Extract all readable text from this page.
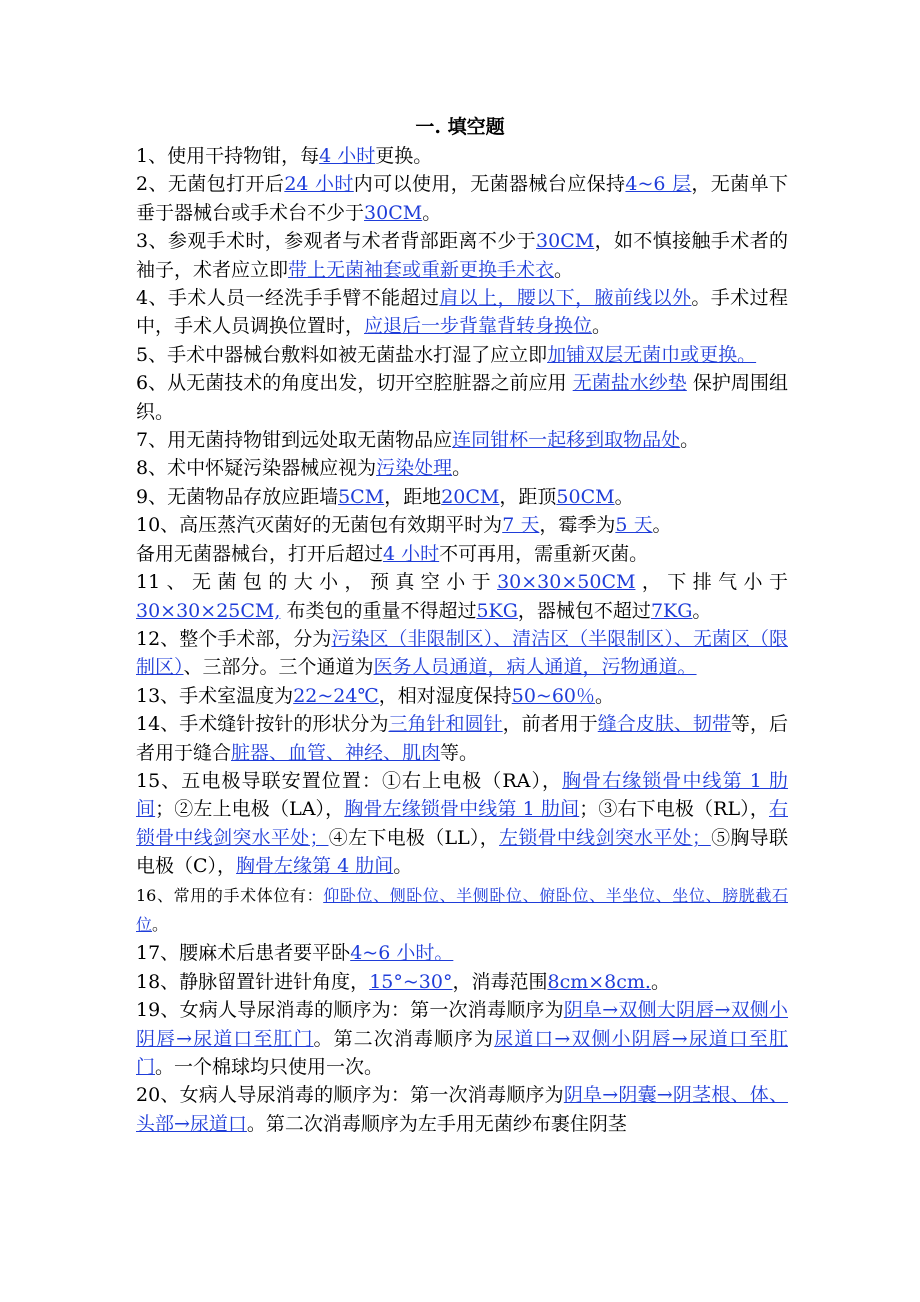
一. 填空题

1、使用干持物钳，每4 小时更换。

2、无菌包打开后24 小时内可以使用，无菌器械台应保持4~6 层，无菌单下垂于器械台或手术台不少于30CM。

3、参观手术时，参观者与术者背部距离不少于30CM，如不慎接触手术者的袖子，术者应立即带上无菌袖套或重新更换手术衣。

4、手术人员一经洗手手臂不能超过肩以上，腰以下，腋前线以外。手术过程中，手术人员调换位置时，应退后一步背靠背转身换位。

5、手术中器械台敷料如被无菌盐水打湿了应立即加铺双层无菌巾或更换。

6、从无菌技术的角度出发，切开空腔脏器之前应用 无菌盐水纱垫 保护周围组织。

7、用无菌持物钳到远处取无菌物品应连同钳杯一起移到取物品处。

8、术中怀疑污染器械应视为污染处理。

9、无菌物品存放应距墙5CM，距地20CM，距顶50CM。

10、高压蒸汽灭菌好的无菌包有效期平时为7 天，霉季为5 天。

备用无菌器械台，打开后超过4 小时不可再用，需重新灭菌。

11、无菌包的大小，预真空小于30×30×50CM，下排气小于30×30×25CM, 布类包的重量不得超过5KG，器械包不超过7KG。

12、整个手术部，分为污染区（非限制区）、清洁区（半限制区）、无菌区（限制区）、三部分。三个通道为医务人员通道，病人通道，污物通道。

13、手术室温度为22~24℃，相对湿度保持50~60％。

14、手术缝针按针的形状分为三角针和圆针，前者用于缝合皮肤、韧带等，后者用于缝合脏器、血管、神经、肌肉等。

15、五电极导联安置位置：①右上电极（RA），胸骨右缘锁骨中线第 1 肋间；②左上电极（LA），胸骨左缘锁骨中线第 1 肋间；③右下电极（RL），右锁骨中线剑突水平处；④左下电极（LL），左锁骨中线剑突水平处；⑤胸导联电极（C），胸骨左缘第 4 肋间。

16、常用的手术体位有：仰卧位、侧卧位、半侧卧位、俯卧位、半坐位、坐位、膀胱截石位。

17、腰麻术后患者要平卧4~6 小时。

18、静脉留置针进针角度，15°~30°，消毒范围8cm×8cm.。

19、女病人导尿消毒的顺序为：第一次消毒顺序为阴阜→双侧大阴唇→双侧小阴唇→尿道口至肛门。第二次消毒顺序为尿道口→双侧小阴唇→尿道口至肛门。一个棉球均只使用一次。

20、女病人导尿消毒的顺序为：第一次消毒顺序为阴阜→阴囊→阴茎根、体、头部→尿道口。第二次消毒顺序为左手用无菌纱布裹住阴茎
